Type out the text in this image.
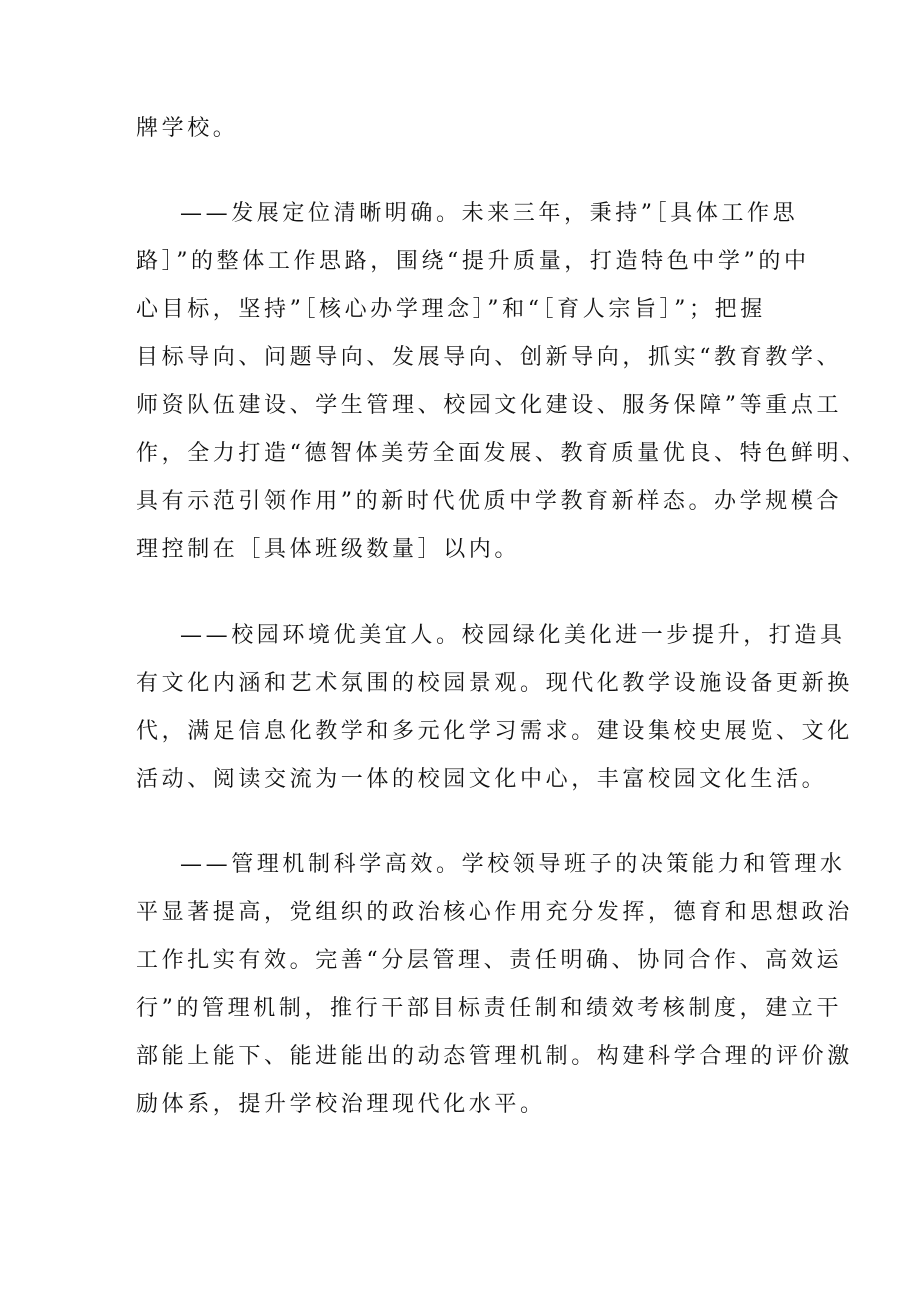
牌学校。
——发展定位清晰明确。未来三年，秉持”［具体工作思
路］”的整体工作思路，围绕“提升质量，打造特色中学”的中
心目标，坚持”［核心办学理念］”和“［育人宗旨］”；把握
目标导向、问题导向、发展导向、创新导向，抓实“教育教学、
师资队伍建设、学生管理、校园文化建设、服务保障”等重点工
作，全力打造“德智体美劳全面发展、教育质量优良、特色鲜明、
具有示范引领作用”的新时代优质中学教育新样态。办学规模合
理控制在［具体班级数量］以内。
——校园环境优美宜人。校园绿化美化进一步提升，打造具
有文化内涵和艺术氛围的校园景观。现代化教学设施设备更新换
代，满足信息化教学和多元化学习需求。建设集校史展览、文化
活动、阅读交流为一体的校园文化中心，丰富校园文化生活。
——管理机制科学高效。学校领导班子的决策能力和管理水
平显著提高，党组织的政治核心作用充分发挥，德育和思想政治
工作扎实有效。完善“分层管理、责任明确、协同合作、高效运
行”的管理机制，推行干部目标责任制和绩效考核制度，建立干
部能上能下、能进能出的动态管理机制。构建科学合理的评价激
励体系，提升学校治理现代化水平。
